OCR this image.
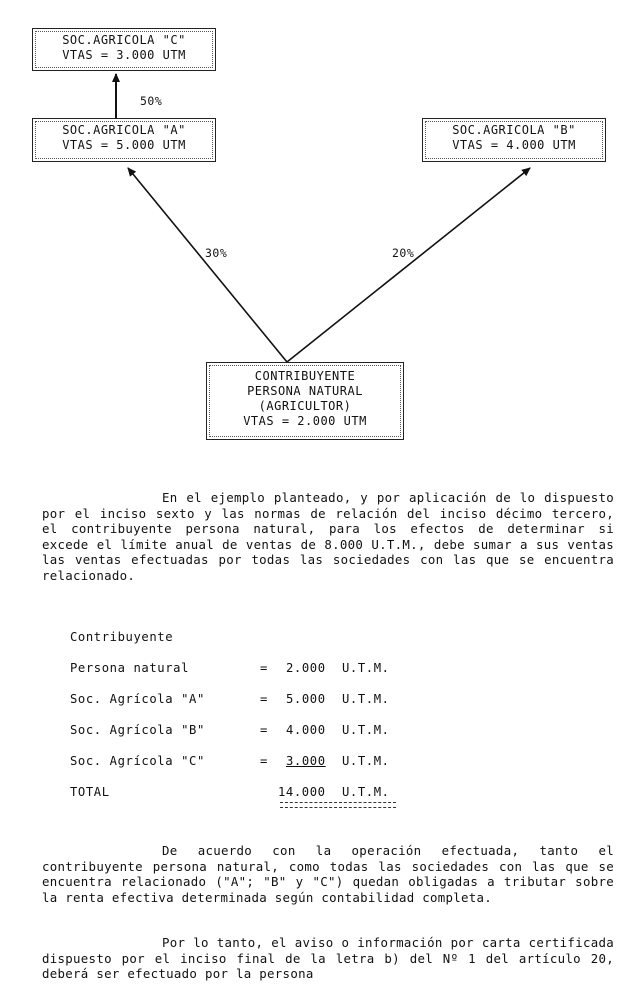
SOC.AGRICOLA "C"
VTAS = 3.000 UTM
50%
SOC.AGRICOLA "A"
VTAS = 5.000 UTM
SOC.AGRICOLA "B"
VTAS = 4.000 UTM
30%	20%
CONTRIBUYENTE
PERSONA NATURAL
(AGRICULTOR)
VTAS = 2.000 UTM
En el ejemplo planteado, y por aplicación de lo dispuesto por el inciso sexto y las normas de relación del inciso décimo tercero, el contribuyente persona natural, para los efectos de determinar si excede el límite anual de ventas de 8.000 U.T.M., debe sumar a sus ventas las ventas efectuadas por todas las sociedades con las que se encuentra relacionado.
Contribuyente
Persona natural	= 2.000 U.T.M.
Soc. Agrícola "A"	= 5.000 U.T.M.
Soc. Agrícola "B"	= 4.000 U.T.M.
Soc. Agrícola "C"	= 3.000 U.T.M.
TOTAL	14.000 U.T.M.
De acuerdo con la operación efectuada, tanto el contribuyente persona natural, como todas las sociedades con las que se encuentra relacionado ("A"; "B" y "C") quedan obligadas a tributar sobre la renta efectiva determinada según contabilidad completa.
Por lo tanto, el aviso o información por carta certificada dispuesto por el inciso final de la letra b) del Nº 1 del artículo 20, deberá ser efectuado por la persona
